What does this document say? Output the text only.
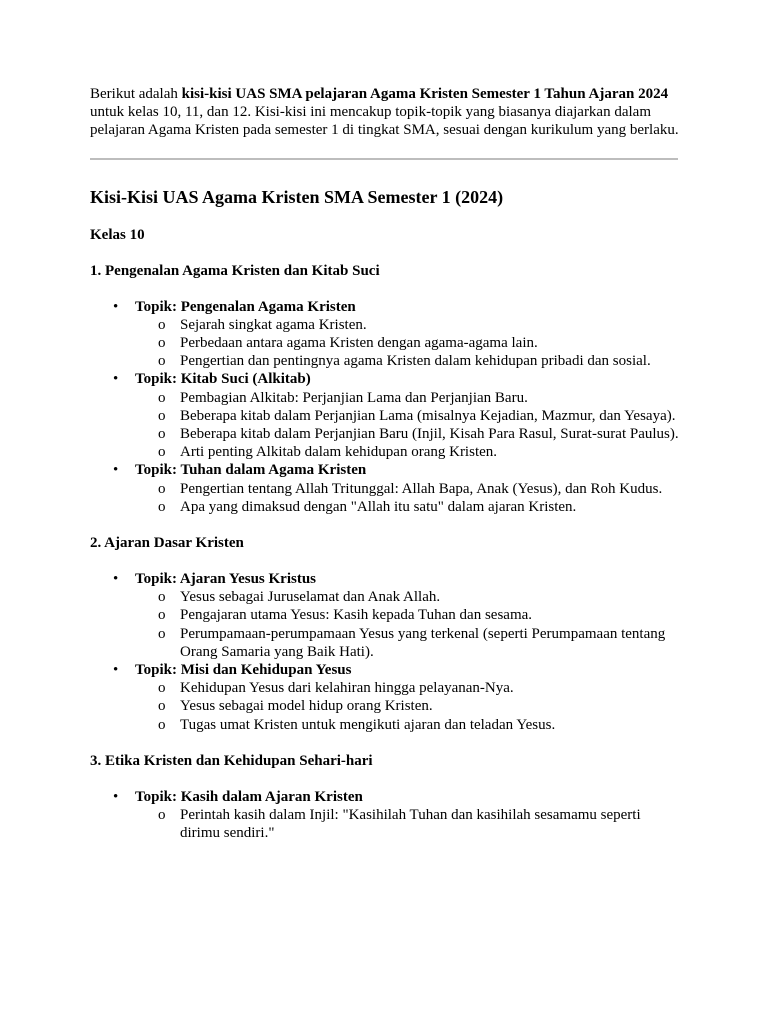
Berikut adalah kisi-kisi UAS SMA pelajaran Agama Kristen Semester 1 Tahun Ajaran 2024 untuk kelas 10, 11, dan 12. Kisi-kisi ini mencakup topik-topik yang biasanya diajarkan dalam pelajaran Agama Kristen pada semester 1 di tingkat SMA, sesuai dengan kurikulum yang berlaku.

Kisi-Kisi UAS Agama Kristen SMA Semester 1 (2024)
Kelas 10
1. Pengenalan Agama Kristen dan Kitab Suci
• Topik: Pengenalan Agama Kristen
o Sejarah singkat agama Kristen.
o Perbedaan antara agama Kristen dengan agama-agama lain.
o Pengertian dan pentingnya agama Kristen dalam kehidupan pribadi dan sosial.
• Topik: Kitab Suci (Alkitab)
o Pembagian Alkitab: Perjanjian Lama dan Perjanjian Baru.
o Beberapa kitab dalam Perjanjian Lama (misalnya Kejadian, Mazmur, dan Yesaya).
o Beberapa kitab dalam Perjanjian Baru (Injil, Kisah Para Rasul, Surat-surat Paulus).
o Arti penting Alkitab dalam kehidupan orang Kristen.
• Topik: Tuhan dalam Agama Kristen
o Pengertian tentang Allah Tritunggal: Allah Bapa, Anak (Yesus), dan Roh Kudus.
o Apa yang dimaksud dengan "Allah itu satu" dalam ajaran Kristen.
2. Ajaran Dasar Kristen
• Topik: Ajaran Yesus Kristus
o Yesus sebagai Juruselamat dan Anak Allah.
o Pengajaran utama Yesus: Kasih kepada Tuhan dan sesama.
o Perumpamaan-perumpamaan Yesus yang terkenal (seperti Perumpamaan tentang Orang Samaria yang Baik Hati).
• Topik: Misi dan Kehidupan Yesus
o Kehidupan Yesus dari kelahiran hingga pelayanan-Nya.
o Yesus sebagai model hidup orang Kristen.
o Tugas umat Kristen untuk mengikuti ajaran dan teladan Yesus.
3. Etika Kristen dan Kehidupan Sehari-hari
• Topik: Kasih dalam Ajaran Kristen
o Perintah kasih dalam Injil: "Kasihilah Tuhan dan kasihilah sesamamu seperti dirimu sendiri."
